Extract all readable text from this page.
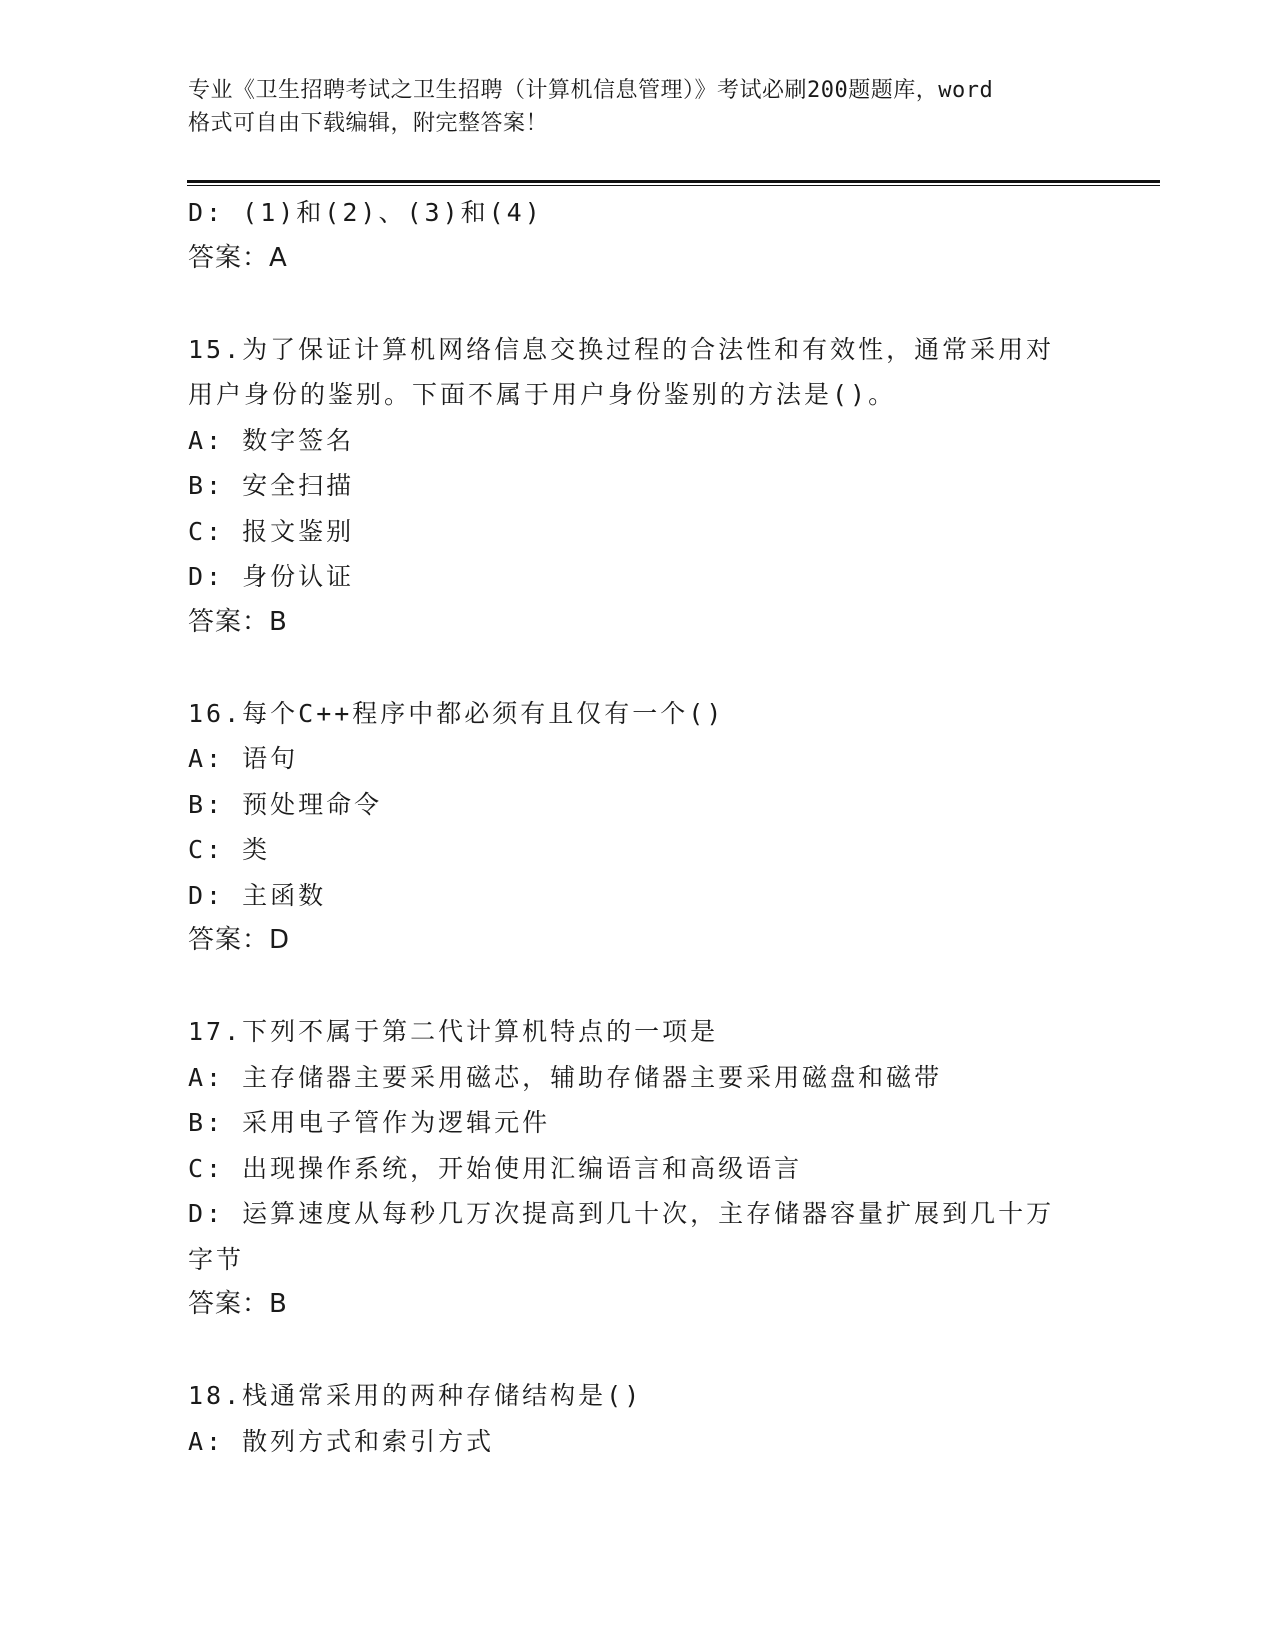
专业《卫生招聘考试之卫生招聘（计算机信息管理）》考试必刷200题题库，word
格式可自由下载编辑，附完整答案！
D: (1)和(2)、(3)和(4)
答案：A
15.为了保证计算机网络信息交换过程的合法性和有效性，通常采用对
用户身份的鉴别。下面不属于用户身份鉴别的方法是()。
A: 数字签名
B: 安全扫描
C: 报文鉴别
D: 身份认证
答案：B
16.每个C++程序中都必须有且仅有一个()
A: 语句
B: 预处理命令
C: 类
D: 主函数
答案：D
17.下列不属于第二代计算机特点的一项是
A: 主存储器主要采用磁芯，辅助存储器主要采用磁盘和磁带
B: 采用电子管作为逻辑元件
C: 出现操作系统，开始使用汇编语言和高级语言
D: 运算速度从每秒几万次提高到几十次，主存储器容量扩展到几十万
字节
答案：B
18.栈通常采用的两种存储结构是()
A: 散列方式和索引方式
